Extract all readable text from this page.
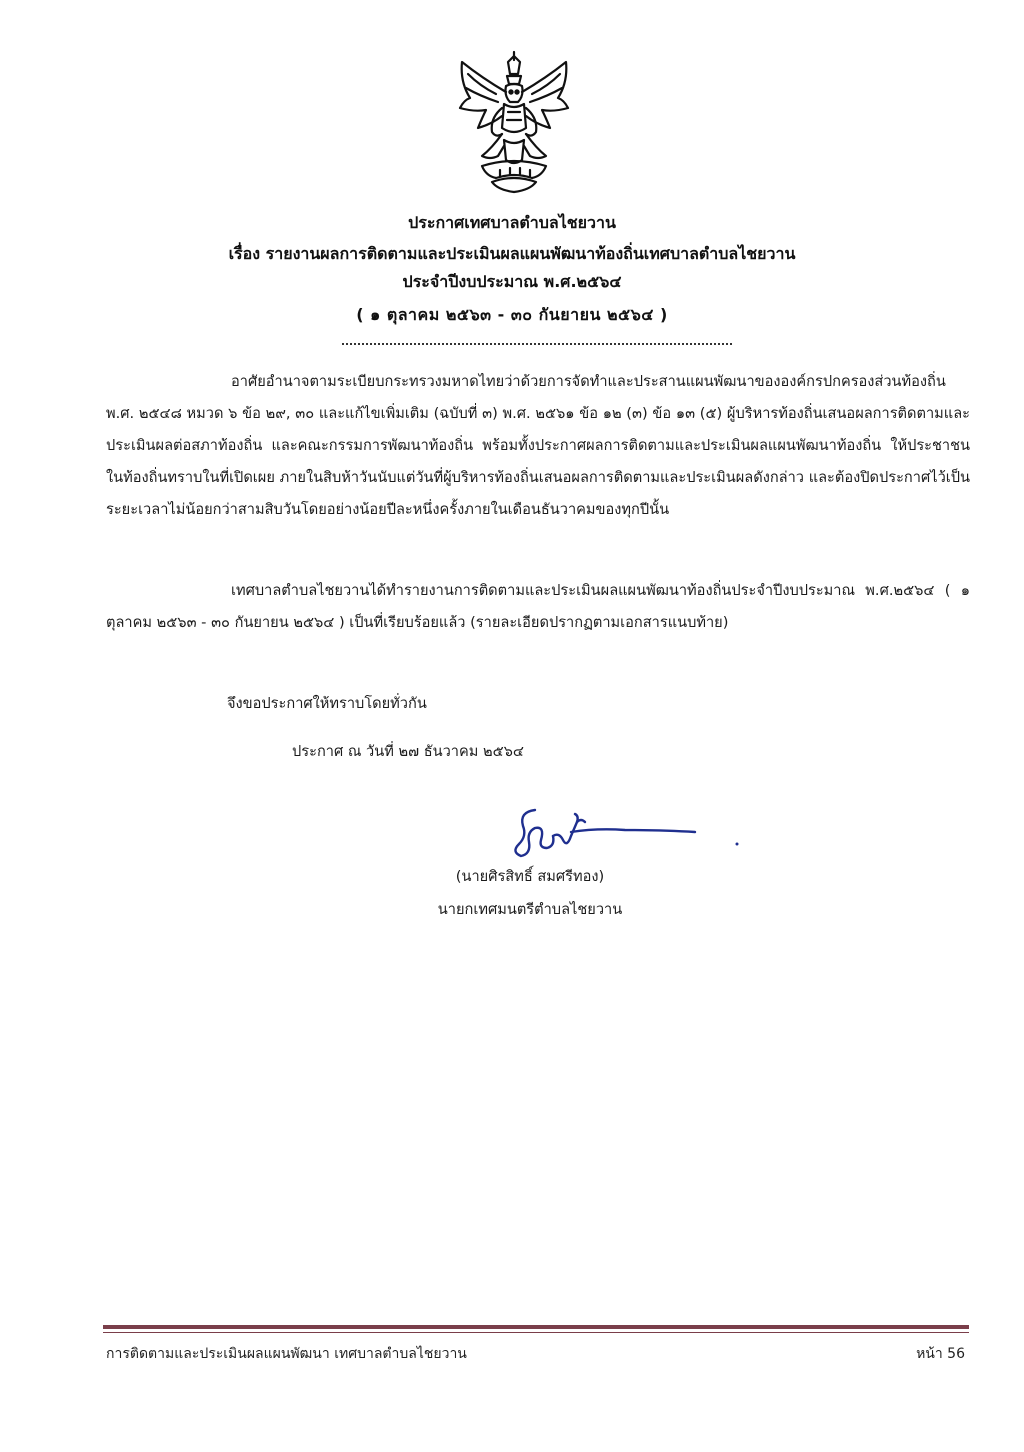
ประกาศเทศบาลตำบลไชยวาน
เรื่อง รายงานผลการติดตามและประเมินผลแผนพัฒนาท้องถิ่นเทศบาลตำบลไชยวาน
ประจำปีงบประมาณ พ.ศ.๒๕๖๔
( ๑ ตุลาคม ๒๕๖๓ - ๓๐ กันยายน ๒๕๖๔ )
อาศัยอำนาจตามระเบียบกระทรวงมหาดไทยว่าด้วยการจัดทำและประสานแผนพัฒนาขององค์กรปกครองส่วนท้องถิ่น พ.ศ. ๒๕๔๘ หมวด ๖ ข้อ ๒๙, ๓๐ และแก้ไขเพิ่มเติม (ฉบับที่ ๓) พ.ศ. ๒๕๖๑ ข้อ ๑๒ (๓) ข้อ ๑๓ (๕) ผู้บริหารท้องถิ่นเสนอผลการติดตามและประเมินผลต่อสภาท้องถิ่น และคณะกรรมการพัฒนาท้องถิ่น พร้อมทั้งประกาศผลการติดตามและประเมินผลแผนพัฒนาท้องถิ่น ให้ประชาชนในท้องถิ่นทราบในที่เปิดเผย ภายในสิบห้าวันนับแต่วันที่ผู้บริหารท้องถิ่นเสนอผลการติดตามและประเมินผลดังกล่าว และต้องปิดประกาศไว้เป็นระยะเวลาไม่น้อยกว่าสามสิบวันโดยอย่างน้อยปีละหนึ่งครั้งภายในเดือนธันวาคมของทุกปีนั้น
เทศบาลตำบลไชยวานได้ทำรายงานการติดตามและประเมินผลแผนพัฒนาท้องถิ่นประจำปีงบประมาณ พ.ศ.๒๕๖๔ ( ๑ ตุลาคม ๒๕๖๓ - ๓๐ กันยายน ๒๕๖๔ ) เป็นที่เรียบร้อยแล้ว (รายละเอียดปรากฏตามเอกสารแนบท้าย)
จึงขอประกาศให้ทราบโดยทั่วกัน
ประกาศ ณ วันที่ ๒๗ ธันวาคม ๒๕๖๔
(นายศิรสิทธิ์ สมศรีทอง)
นายกเทศมนตรีตำบลไชยวาน
การติดตามและประเมินผลแผนพัฒนา เทศบาลตำบลไชยวาน	หน้า 56
